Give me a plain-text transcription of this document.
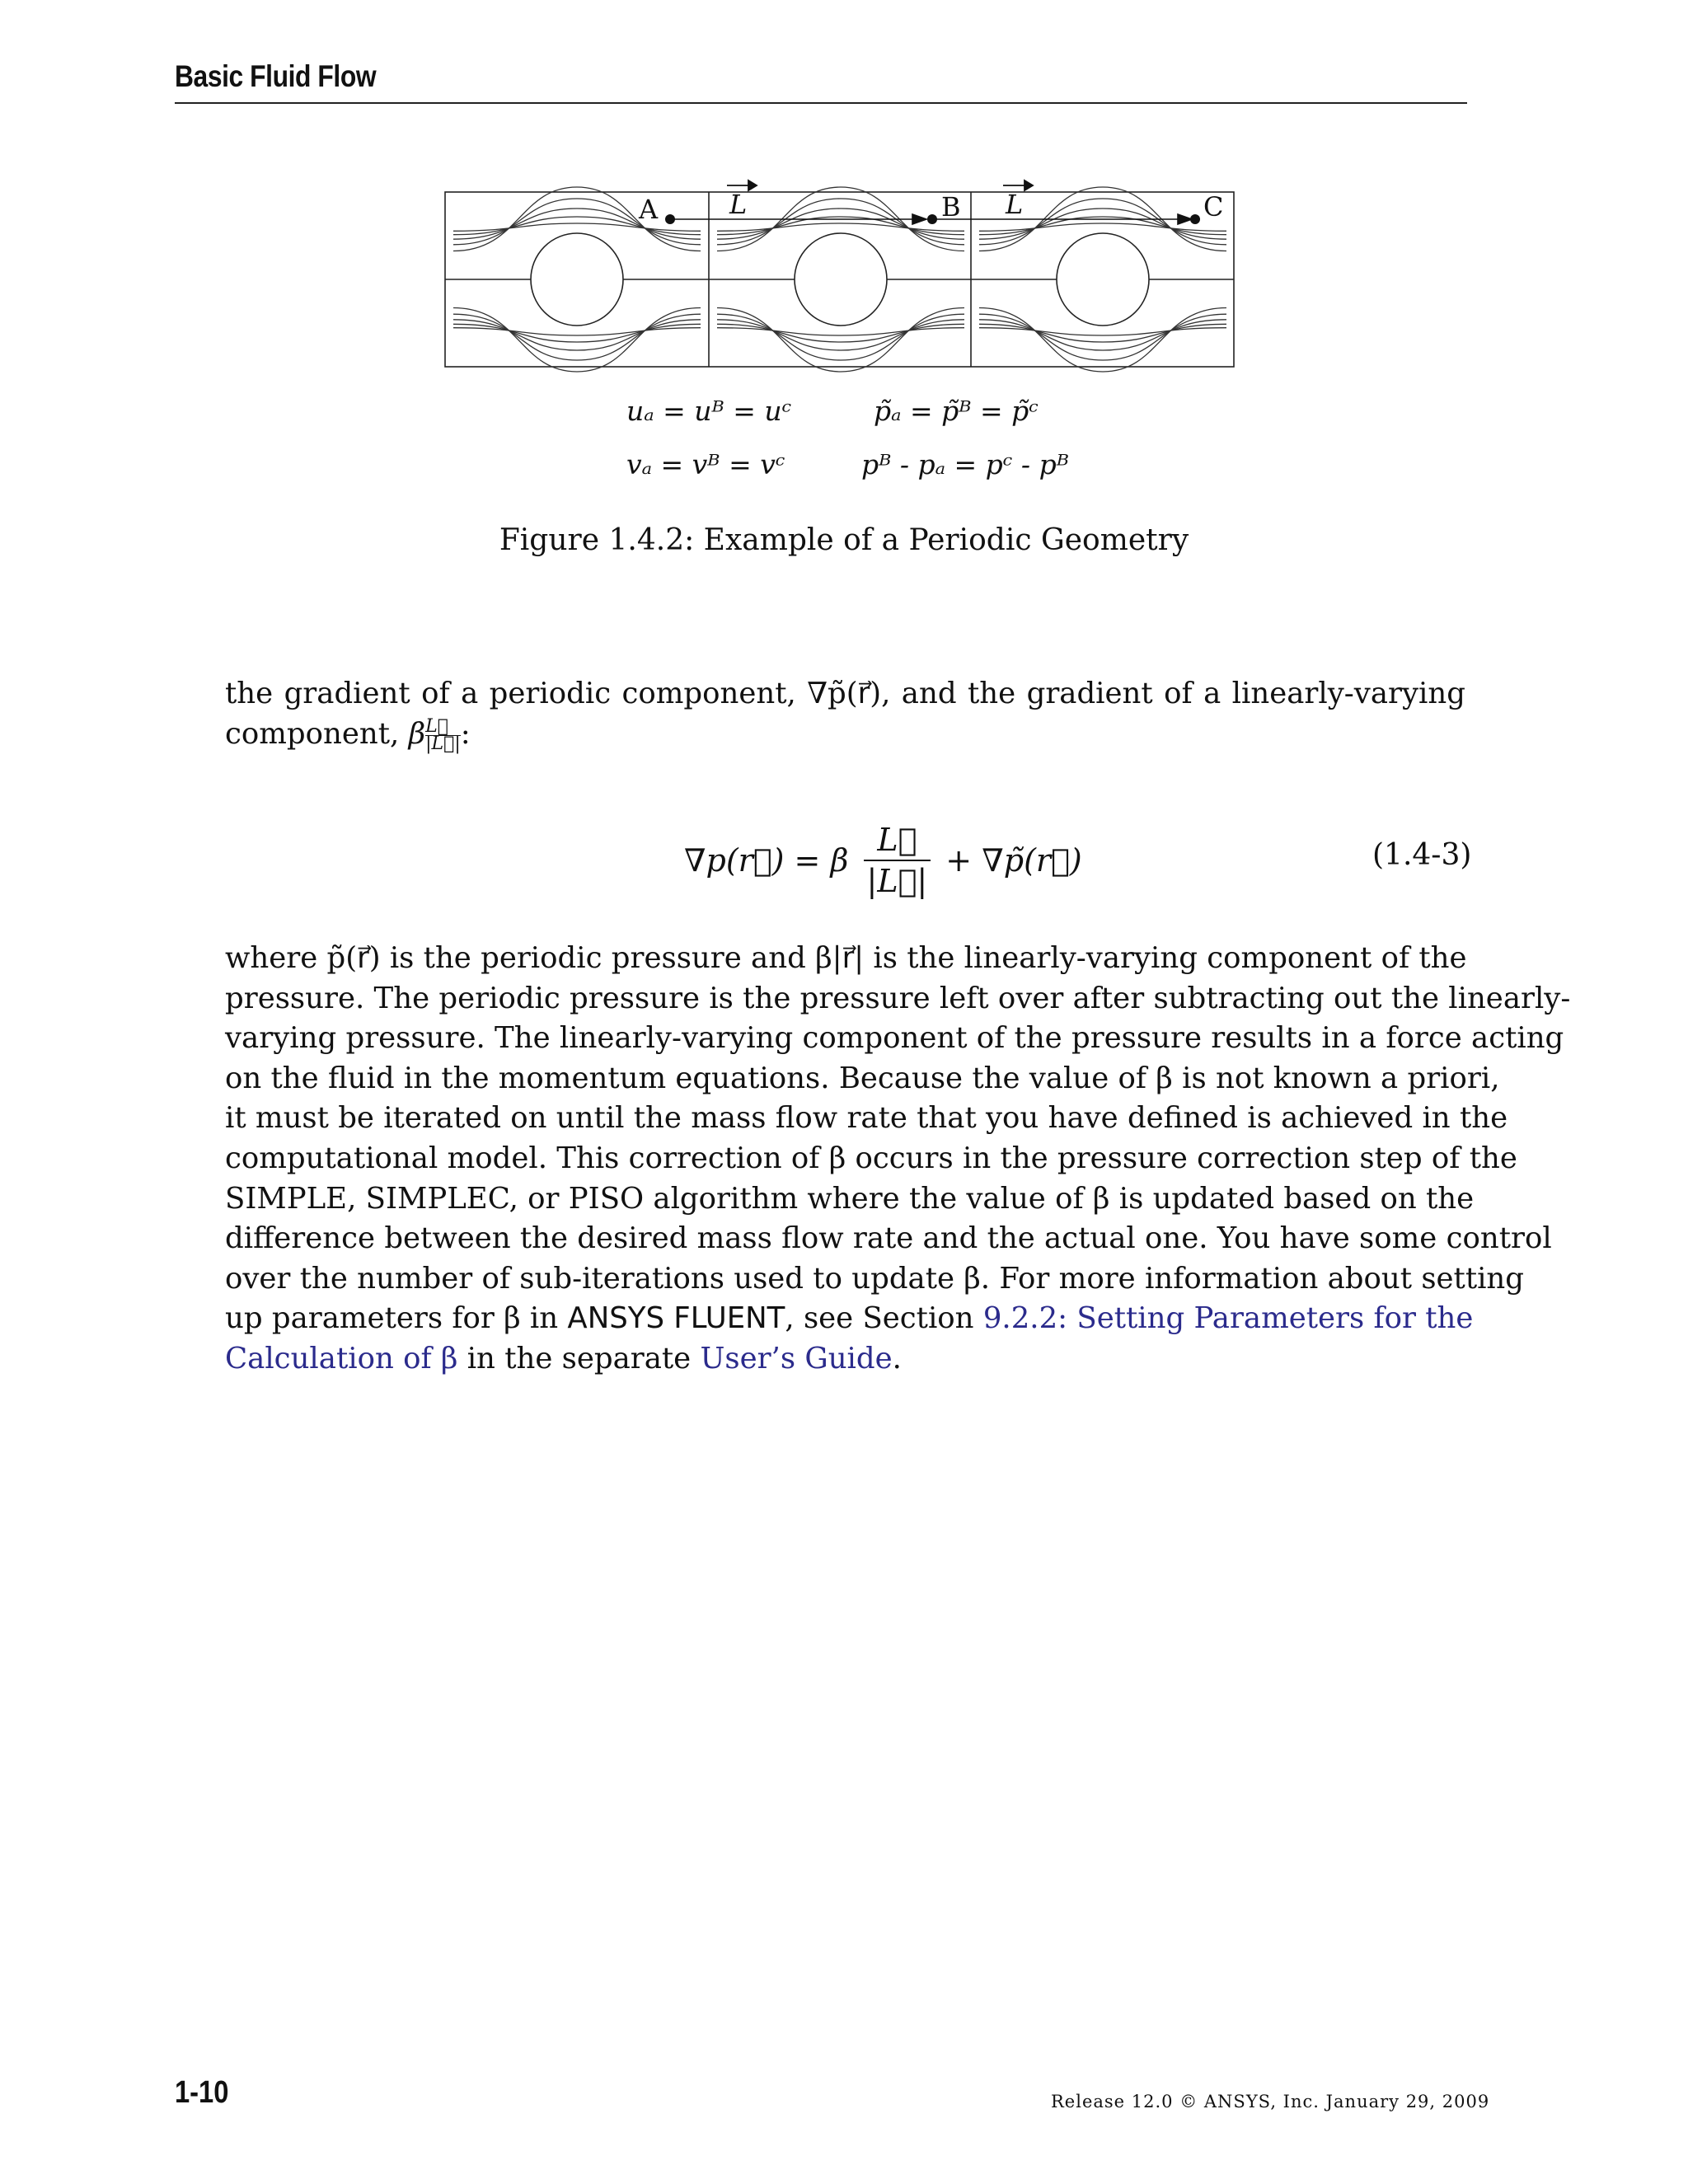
Basic Fluid Flow
A	B	C
L	L
uₐ = uᴮ = uᶜ
vₐ = vᴮ = vᶜ
p̃ₐ = p̃ᴮ = p̃ᶜ
pᴮ - pₐ = pᶜ - pᴮ
Figure 1.4.2: Example of a Periodic Geometry
the gradient of a periodic component, ∇p̃(r⃗), and the gradient of a linearly-varying
component, β $\frac{L⃗}{|L⃗|}$ :
∇p(r⃗) = β $\frac{L⃗}{|L⃗|}$ + ∇p̃(r⃗)	(1.4-3)
where p̃(r⃗) is the periodic pressure and β|r⃗| is the linearly-varying component of the
pressure. The periodic pressure is the pressure left over after subtracting out the linearly-
varying pressure. The linearly-varying component of the pressure results in a force acting
on the fluid in the momentum equations. Because the value of β is not known a priori,
it must be iterated on until the mass flow rate that you have defined is achieved in the
computational model. This correction of β occurs in the pressure correction step of the
SIMPLE, SIMPLEC, or PISO algorithm where the value of β is updated based on the
difference between the desired mass flow rate and the actual one. You have some control
over the number of sub-iterations used to update β. For more information about setting
up parameters for β in ANSYS FLUENT, see Section 9.2.2: Setting Parameters for the
Calculation of β in the separate User’s Guide.
1-10	Release 12.0 © ANSYS, Inc. January 29, 2009
